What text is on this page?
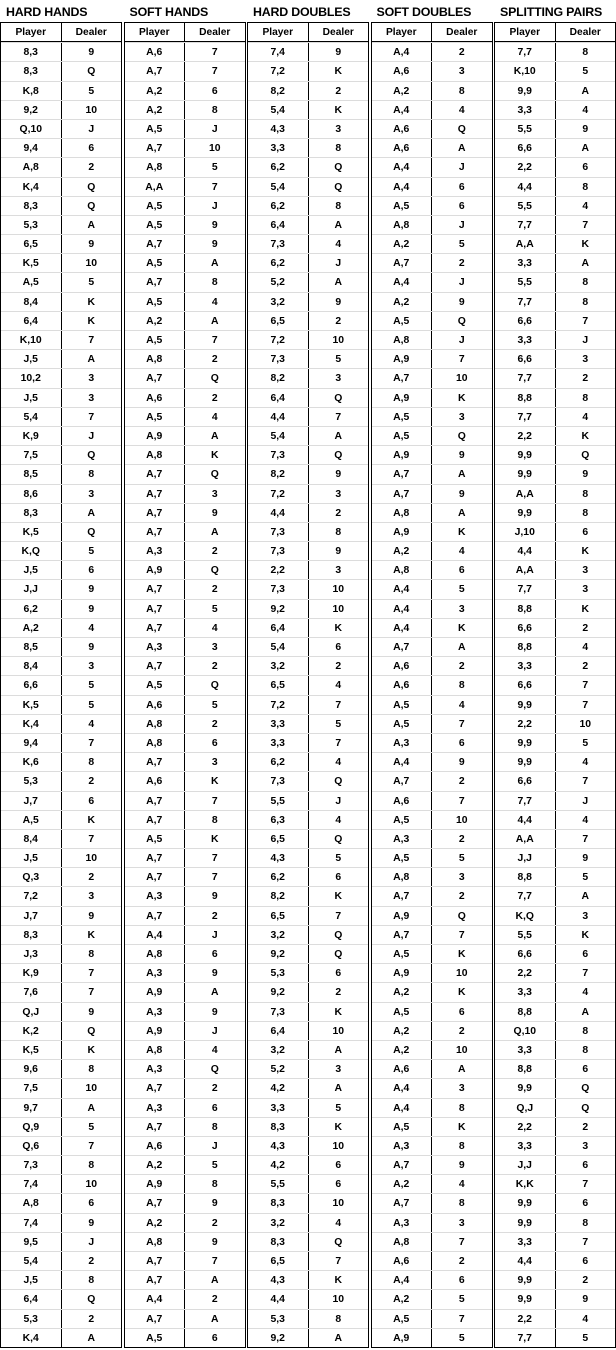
HARD HANDS
Player	Dealer
8,3	9
8,3	Q
K,8	5
9,2	10
Q,10	J
9,4	6
A,8	2
K,4	Q
8,3	Q
5,3	A
6,5	9
K,5	10
A,5	5
8,4	K
6,4	K
K,10	7
J,5	A
10,2	3
J,5	3
5,4	7
K,9	J
7,5	Q
8,5	8
8,6	3
8,3	A
K,5	Q
K,Q	5
J,5	6
J,J	9
6,2	9
A,2	4
8,5	9
8,4	3
6,6	5
K,5	5
K,4	4
9,4	7
K,6	8
5,3	2
J,7	6
A,5	K
8,4	7
J,5	10
Q,3	2
7,2	3
J,7	9
8,3	K
J,3	8
K,9	7
7,6	7
Q,J	9
K,2	Q
K,5	K
9,6	8
7,5	10
9,7	A
Q,9	5
Q,6	7
7,3	8
7,4	10
A,8	6
7,4	9
9,5	J
5,4	2
J,5	8
6,4	Q
5,3	2
K,4	A
SOFT HANDS
Player	Dealer
A,6	7
A,7	7
A,2	6
A,2	8
A,5	J
A,7	10
A,8	5
A,A	7
A,5	J
A,5	9
A,7	9
A,5	A
A,7	8
A,5	4
A,2	A
A,5	7
A,8	2
A,7	Q
A,6	2
A,5	4
A,9	A
A,8	K
A,7	Q
A,7	3
A,7	9
A,7	A
A,3	2
A,9	Q
A,7	2
A,7	5
A,7	4
A,3	3
A,7	2
A,5	Q
A,6	5
A,8	2
A,8	6
A,7	3
A,6	K
A,7	7
A,7	8
A,5	K
A,7	7
A,7	7
A,3	9
A,7	2
A,4	J
A,8	6
A,3	9
A,9	A
A,3	9
A,9	J
A,8	4
A,3	Q
A,7	2
A,3	6
A,7	8
A,6	J
A,2	5
A,9	8
A,7	9
A,2	2
A,8	9
A,7	7
A,7	A
A,4	2
A,7	A
A,5	6
HARD DOUBLES
Player	Dealer
7,4	9
7,2	K
8,2	2
5,4	K
4,3	3
3,3	8
6,2	Q
5,4	Q
6,2	8
6,4	A
7,3	4
6,2	J
5,2	A
3,2	9
6,5	2
7,2	10
7,3	5
8,2	3
6,4	Q
4,4	7
5,4	A
7,3	Q
8,2	9
7,2	3
4,4	2
7,3	8
7,3	9
2,2	3
7,3	10
9,2	10
6,4	K
5,4	6
3,2	2
6,5	4
7,2	7
3,3	5
3,3	7
6,2	4
7,3	Q
5,5	J
6,3	4
6,5	Q
4,3	5
6,2	6
8,2	K
6,5	7
3,2	Q
9,2	Q
5,3	6
9,2	2
7,3	K
6,4	10
3,2	A
5,2	3
4,2	A
3,3	5
8,3	K
4,3	10
4,2	6
5,5	6
8,3	10
3,2	4
8,3	Q
6,5	7
4,3	K
4,4	10
5,3	8
9,2	A
SOFT DOUBLES
Player	Dealer
A,4	2
A,6	3
A,2	8
A,4	4
A,6	Q
A,6	A
A,4	J
A,4	6
A,5	6
A,8	J
A,2	5
A,7	2
A,4	J
A,2	9
A,5	Q
A,8	J
A,9	7
A,7	10
A,9	K
A,5	3
A,5	Q
A,9	9
A,7	A
A,7	9
A,8	A
A,9	K
A,2	4
A,8	6
A,4	5
A,4	3
A,4	K
A,7	A
A,6	2
A,6	8
A,5	4
A,5	7
A,3	6
A,4	9
A,7	2
A,6	7
A,5	10
A,3	2
A,5	5
A,8	3
A,7	2
A,9	Q
A,7	7
A,5	K
A,9	10
A,2	K
A,5	6
A,2	2
A,2	10
A,6	A
A,4	3
A,4	8
A,5	K
A,3	8
A,7	9
A,2	4
A,7	8
A,3	3
A,8	7
A,6	2
A,4	6
A,2	5
A,5	7
A,9	5
SPLITTING PAIRS
Player	Dealer
7,7	8
K,10	5
9,9	A
3,3	4
5,5	9
6,6	A
2,2	6
4,4	8
5,5	4
7,7	7
A,A	K
3,3	A
5,5	8
7,7	8
6,6	7
3,3	J
6,6	3
7,7	2
8,8	8
7,7	4
2,2	K
9,9	Q
9,9	9
A,A	8
9,9	8
J,10	6
4,4	K
A,A	3
7,7	3
8,8	K
6,6	2
8,8	4
3,3	2
6,6	7
9,9	7
2,2	10
9,9	5
9,9	4
6,6	7
7,7	J
4,4	4
A,A	7
J,J	9
8,8	5
7,7	A
K,Q	3
5,5	K
6,6	6
2,2	7
3,3	4
8,8	A
Q,10	8
3,3	8
8,8	6
9,9	Q
Q,J	Q
2,2	2
3,3	3
J,J	6
K,K	7
9,9	6
9,9	8
3,3	7
4,4	6
9,9	2
9,9	9
2,2	4
7,7	5
